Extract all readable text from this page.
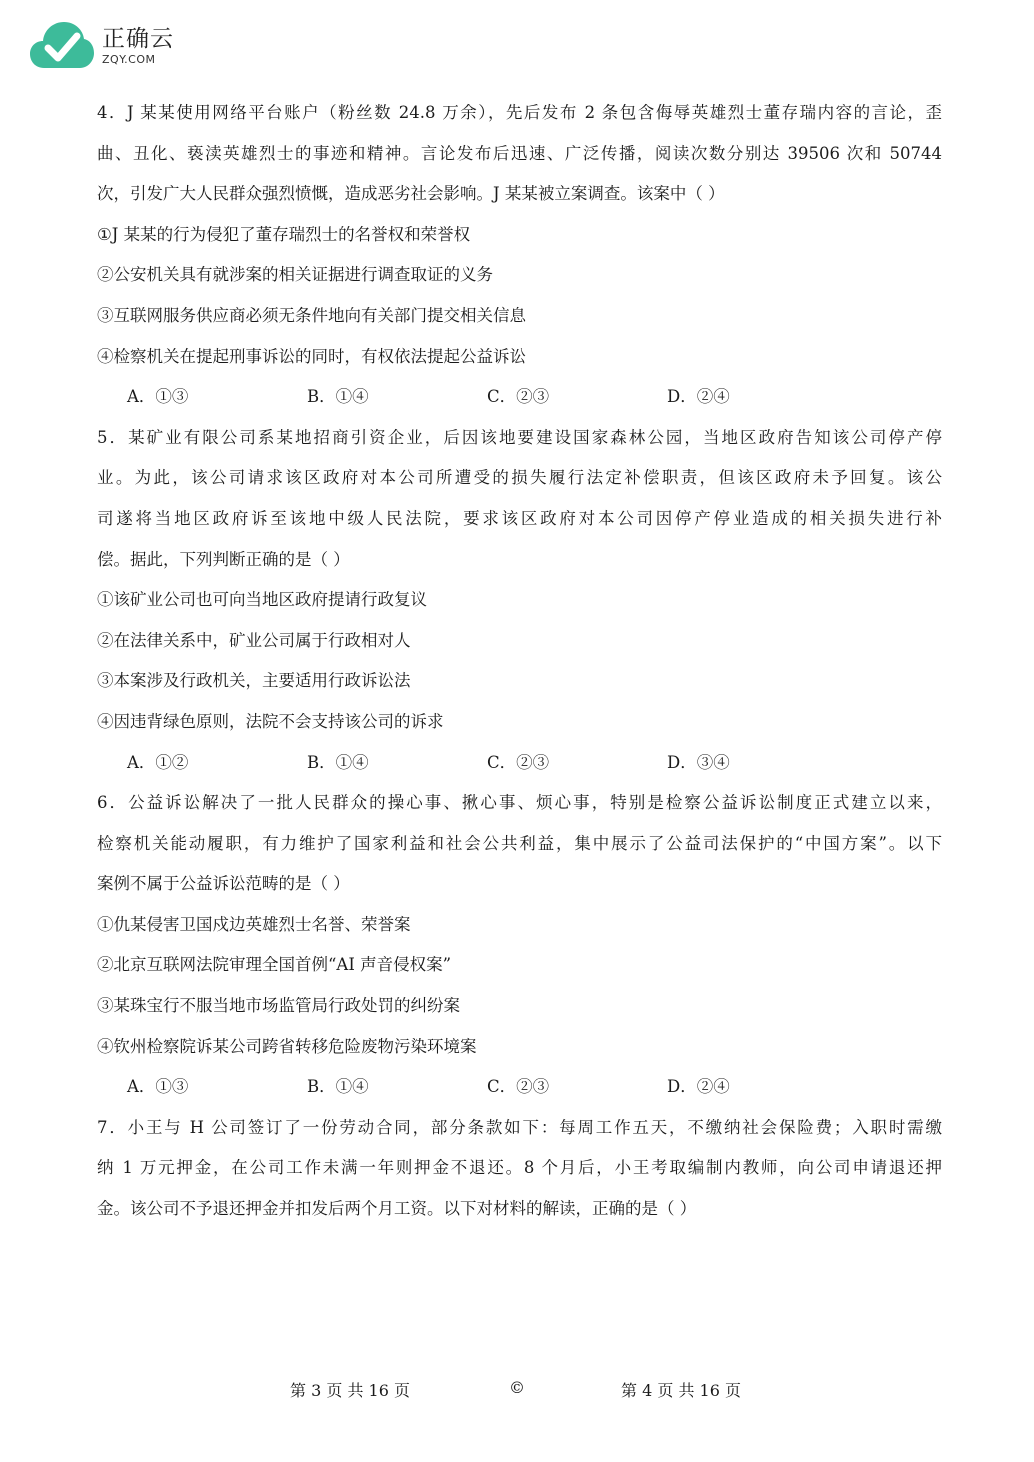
正确云
ZQY.COM
4．J 某某使用网络平台账户（粉丝数 24.8 万余），先后发布 2 条包含侮辱英雄烈士董存瑞内容的言论，歪
曲、丑化、亵渎英雄烈士的事迹和精神。言论发布后迅速、广泛传播，阅读次数分别达 39506 次和 50744
次，引发广大人民群众强烈愤慨，造成恶劣社会影响。J 某某被立案调查。该案中（ ）
①J 某某的行为侵犯了董存瑞烈士的名誉权和荣誉权
②公安机关具有就涉案的相关证据进行调查取证的义务
③互联网服务供应商必须无条件地向有关部门提交相关信息
④检察机关在提起刑事诉讼的同时，有权依法提起公益诉讼
A．①③	B．①④	C．②③	D．②④
5．某矿业有限公司系某地招商引资企业，后因该地要建设国家森林公园，当地区政府告知该公司停产停
业。为此，该公司请求该区政府对本公司所遭受的损失履行法定补偿职责，但该区政府未予回复。该公
司遂将当地区政府诉至该地中级人民法院，要求该区政府对本公司因停产停业造成的相关损失进行补
偿。据此，下列判断正确的是（ ）
①该矿业公司也可向当地区政府提请行政复议
②在法律关系中，矿业公司属于行政相对人
③本案涉及行政机关，主要适用行政诉讼法
④因违背绿色原则，法院不会支持该公司的诉求
A．①②	B．①④	C．②③	D．③④
6．公益诉讼解决了一批人民群众的操心事、揪心事、烦心事，特别是检察公益诉讼制度正式建立以来，
检察机关能动履职，有力维护了国家利益和社会公共利益，集中展示了公益司法保护的“中国方案”。以下
案例不属于公益诉讼范畴的是（ ）
①仇某侵害卫国戍边英雄烈士名誉、荣誉案
②北京互联网法院审理全国首例“AI 声音侵权案”
③某珠宝行不服当地市场监管局行政处罚的纠纷案
④钦州检察院诉某公司跨省转移危险废物污染环境案
A．①③	B．①④	C．②③	D．②④
7．小王与 H 公司签订了一份劳动合同，部分条款如下：每周工作五天，不缴纳社会保险费；入职时需缴
纳 1 万元押金，在公司工作未满一年则押金不退还。8 个月后，小王考取编制内教师，向公司申请退还押
金。该公司不予退还押金并扣发后两个月工资。以下对材料的解读，正确的是（ ）
第 3 页 共 16 页	©	第 4 页 共 16 页
